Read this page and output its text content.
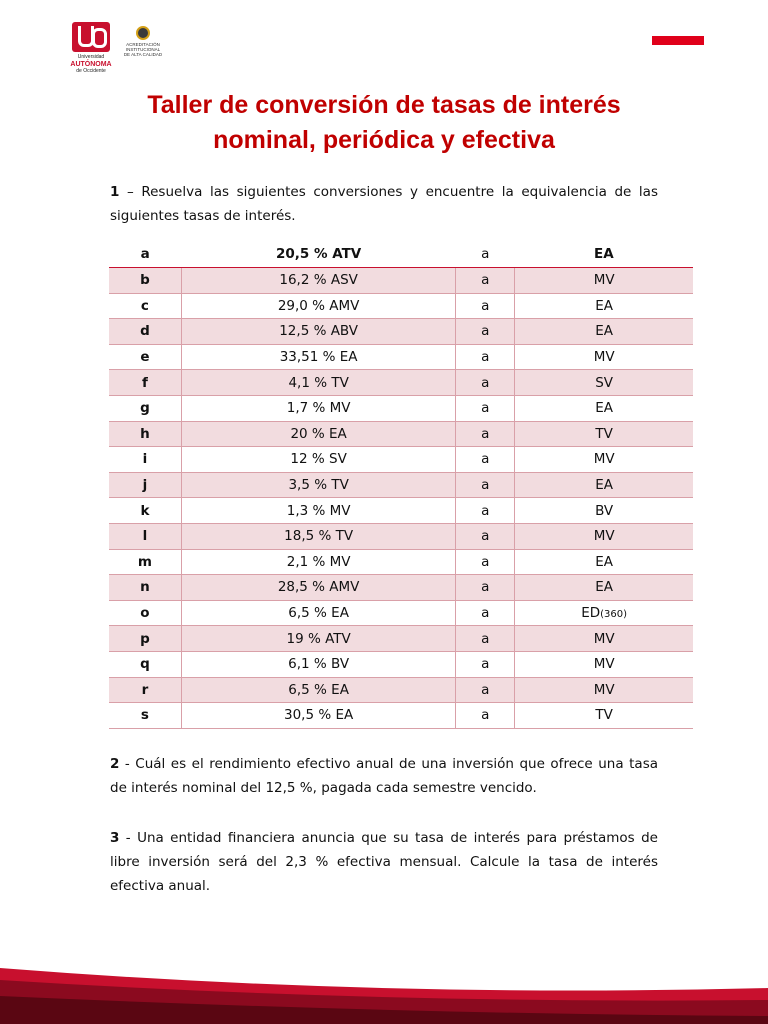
Universidad
AUTÓNOMA
de Occidente
ACREDITACIÓN
INSTITUCIONAL
DE ALTA CALIDAD
Taller de conversión de tasas de interés
nominal, periódica y efectiva
1 – Resuelva las siguientes conversiones y encuentre la equivalencia de las siguientes tasas de interés.
a	20,5 % ATV	a	EA
b	16,2 % ASV	a	MV
c	29,0 % AMV	a	EA
d	12,5 % ABV	a	EA
e	33,51 % EA	a	MV
f	4,1 % TV	a	SV
g	1,7 % MV	a	EA
h	20 % EA	a	TV
i	12 % SV	a	MV
j	3,5 % TV	a	EA
k	1,3 % MV	a	BV
l	18,5 % TV	a	MV
m	2,1 % MV	a	EA
n	28,5 % AMV	a	EA
o	6,5 % EA	a	ED(360)
p	19 % ATV	a	MV
q	6,1 % BV	a	MV
r	6,5 % EA	a	MV
s	30,5 % EA	a	TV
2 - Cuál es el rendimiento efectivo anual de una inversión que ofrece una tasa de interés nominal del 12,5 %, pagada cada semestre vencido.
3 - Una entidad financiera anuncia que su tasa de interés para préstamos de libre inversión será del 2,3 % efectiva mensual. Calcule la tasa de interés efectiva anual.
